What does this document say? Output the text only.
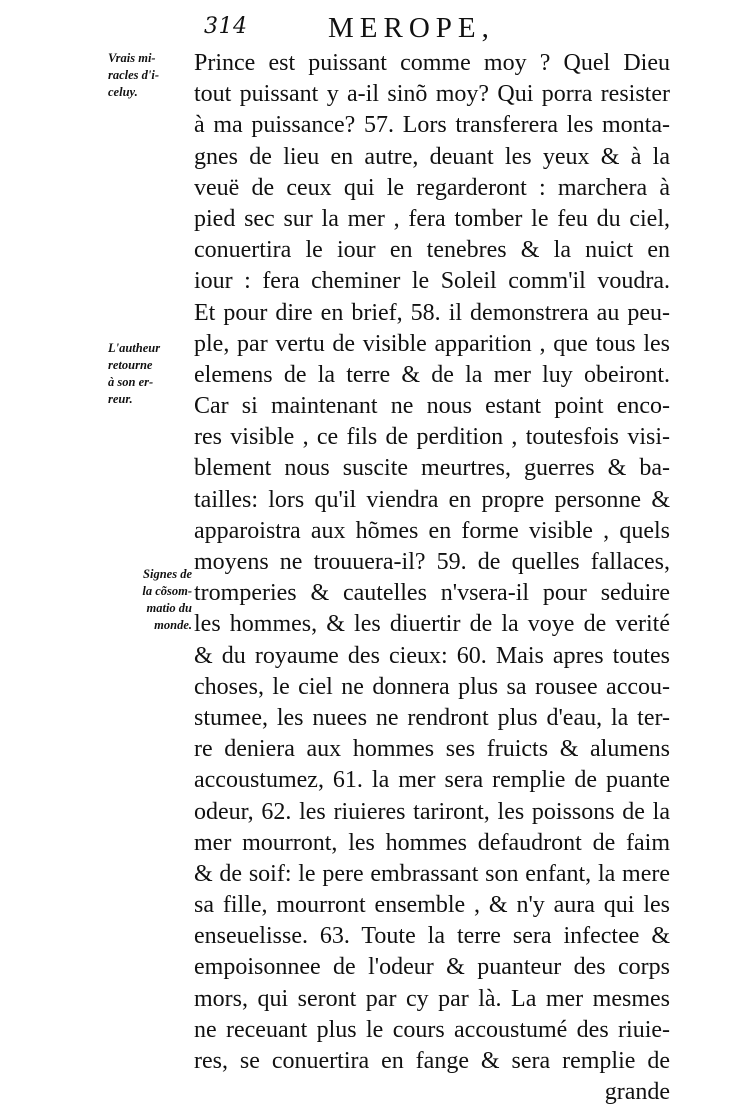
314	MEROPE,
Vrais mi-
racles d'i-
celuy.
L'autheur
retourne
à son er-
reur.
Signes de
la cõsom-
matio du
monde.
Prince est puissant comme moy ? Quel Dieu
tout puissant y a-il sinõ moy? Qui porra resister
à ma puissance? 57. Lors transferera les monta-
gnes de lieu en autre, deuant les yeux & à la
veuë de ceux qui le regarderont : marchera à
pied sec sur la mer , fera tomber le feu du ciel,
conuertira le iour en tenebres & la nuict en
iour : fera cheminer le Soleil comm'il voudra.
Et pour dire en brief, 58. il demonstrera au peu-
ple, par vertu de visible apparition , que tous les
elemens de la terre & de la mer luy obeiront.
Car si maintenant ne nous estant point enco-
res visible , ce fils de perdition , toutesfois visi-
blement nous suscite meurtres, guerres & ba-
tailles: lors qu'il viendra en propre personne &
apparoistra aux hõmes en forme visible , quels
moyens ne trouuera-il? 59. de quelles fallaces,
tromperies & cautelles n'vsera-il pour seduire
les hommes, & les diuertir de la voye de verité
& du royaume des cieux: 60. Mais apres toutes
choses, le ciel ne donnera plus sa rousee accou-
stumee, les nuees ne rendront plus d'eau, la ter-
re deniera aux hommes ses fruicts & alumens
accoustumez, 61. la mer sera remplie de puante
odeur, 62. les riuieres tariront, les poissons de la
mer mourront, les hommes defaudront de faim
& de soif: le pere embrassant son enfant, la mere
sa fille, mourront ensemble , & n'y aura qui les
enseuelisse. 63. Toute la terre sera infectee &
empoisonnee de l'odeur & puanteur des corps
mors, qui seront par cy par là. La mer mesmes
ne receuant plus le cours accoustumé des riuie-
res, se conuertira en fange & sera remplie de
grande
